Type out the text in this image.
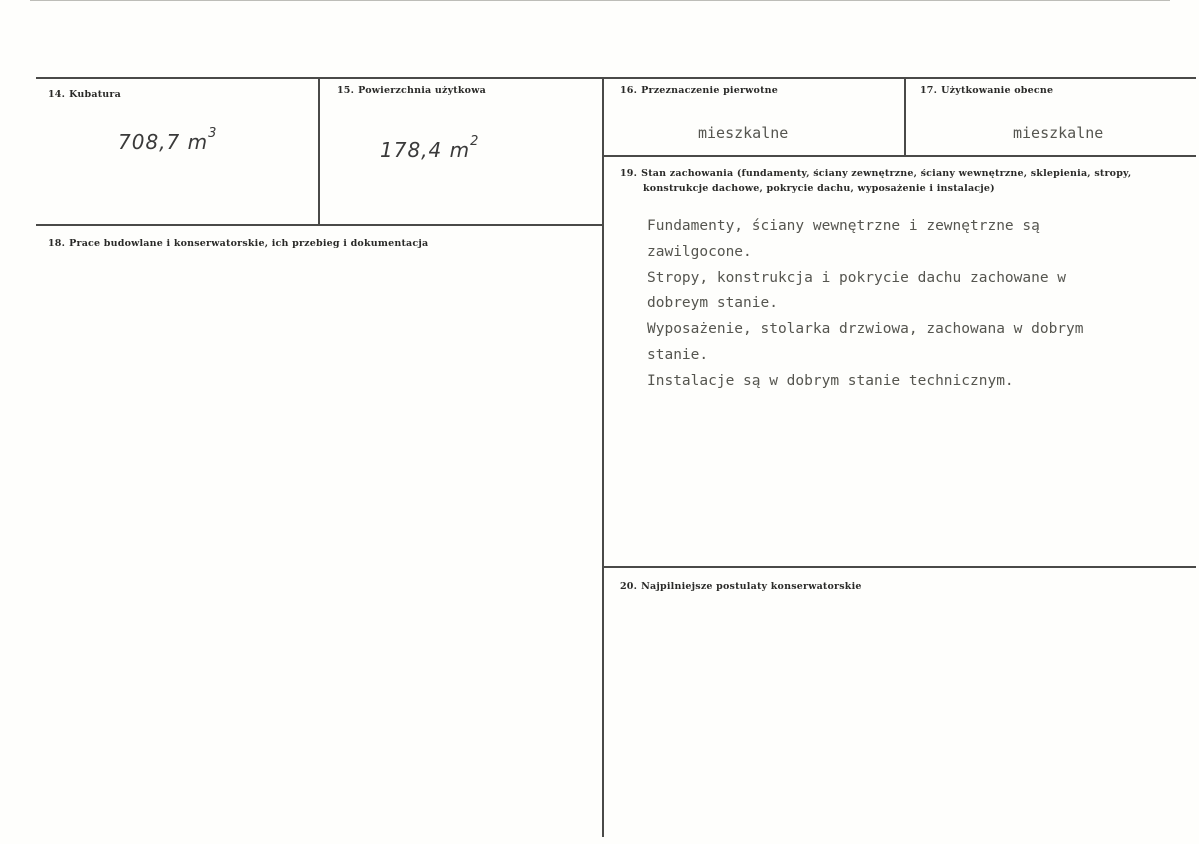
14. Kubatura
708,7 $m^3$
15. Powierzchnia użytkowa
178,4 $m^2$
16. Przeznaczenie pierwotne
mieszkalne
17. Użytkowanie obecne
mieszkalne
18. Prace budowlane i konserwatorskie, ich przebieg i dokumentacja
19. Stan zachowania (fundamenty, ściany zewnętrzne, ściany wewnętrzne, sklepienia, stropy,
konstrukcje dachowe, pokrycie dachu, wyposażenie i instalacje)
Fundamenty, ściany wewnętrzne i zewnętrzne są
zawilgocone.
Stropy, konstrukcja i pokrycie dachu zachowane w
dobreym stanie.
Wyposażenie, stolarka drzwiowa, zachowana w dobrym
stanie.
Instalacje są w dobrym stanie technicznym.
20. Najpilniejsze postulaty konserwatorskie
